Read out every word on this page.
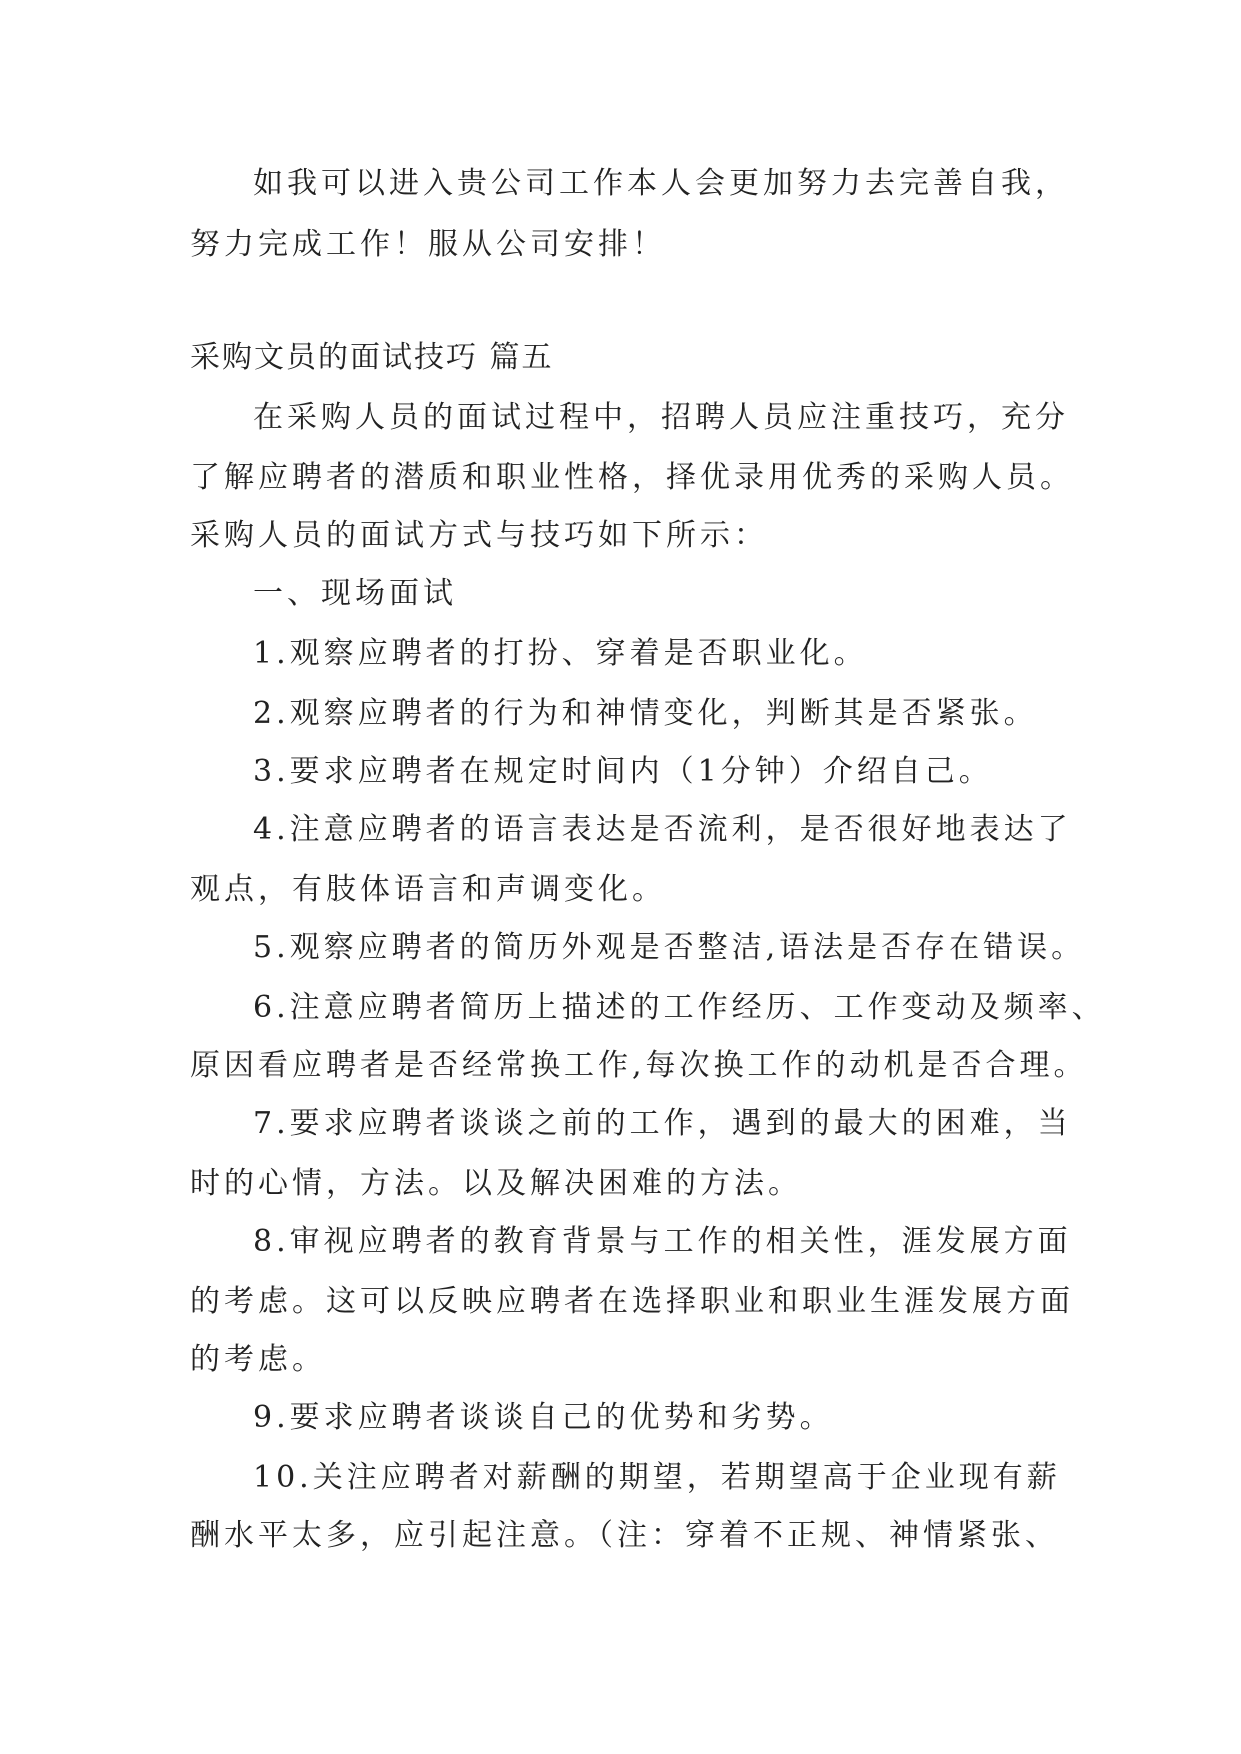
如我可以进入贵公司工作本人会更加努力去完善自我，
努力完成工作！服从公司安排！
采购文员的面试技巧 篇五
在采购人员的面试过程中，招聘人员应注重技巧，充分
了解应聘者的潜质和职业性格，择优录用优秀的采购人员。
采购人员的面试方式与技巧如下所示：
一、现场面试
1.观察应聘者的打扮、穿着是否职业化。
2.观察应聘者的行为和神情变化，判断其是否紧张。
3.要求应聘者在规定时间内（1分钟）介绍自己。
4.注意应聘者的语言表达是否流利，是否很好地表达了
观点，有肢体语言和声调变化。
5.观察应聘者的简历外观是否整洁,语法是否存在错误。
6.注意应聘者简历上描述的工作经历、工作变动及频率、
原因看应聘者是否经常换工作,每次换工作的动机是否合理。
7.要求应聘者谈谈之前的工作，遇到的最大的困难，当
时的心情，方法。以及解决困难的方法。
8.审视应聘者的教育背景与工作的相关性，涯发展方面
的考虑。这可以反映应聘者在选择职业和职业生涯发展方面
的考虑。
9.要求应聘者谈谈自己的优势和劣势。
10.关注应聘者对薪酬的期望，若期望高于企业现有薪
酬水平太多，应引起注意。（注：穿着不正规、神情紧张、
